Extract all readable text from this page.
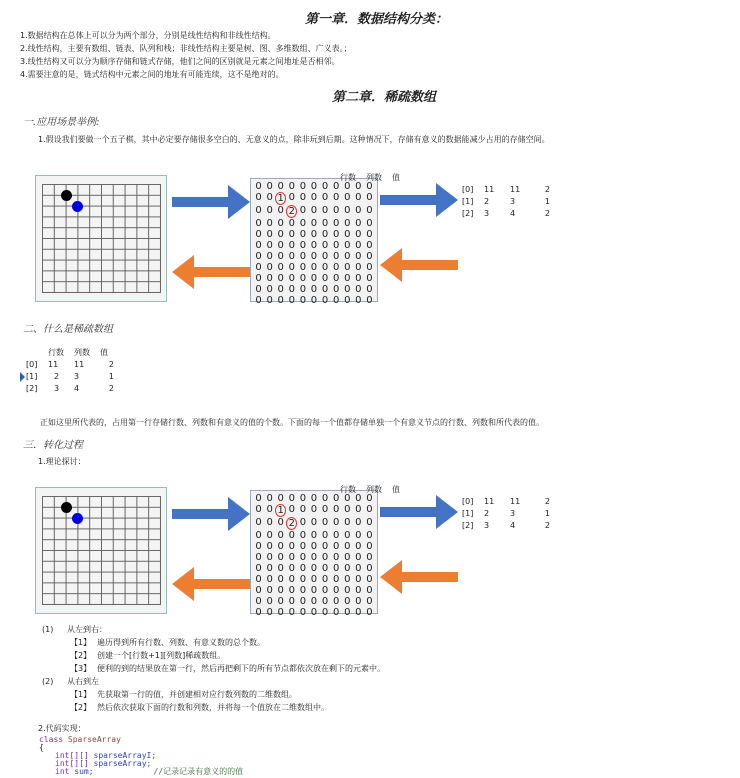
第一章．数据结构分类：
1.数据结构在总体上可以分为两个部分，分别是线性结构和非线性结构。
2.线性结构，主要有数组、链表、队列和栈；非线性结构主要是树、图、多维数组、广义表。；
3.线性结构又可以分为顺序存储和链式存储，他们之间的区别就是元素之间地址是否相邻。
4.需要注意的是，链式结构中元素之间的地址有可能连续，这不是绝对的。
第二章．稀疏数组
一.应用场景举例:
1.假设我们要做一个五子棋，其中必定要存储很多空白的、无意义的点，除非玩到后期。这种情况下，存储有意义的数据能减少占用的存储空间。
二、什么是稀疏数组
行数	列数	值
[0]	11	11	2
[1]	2	3	1
[2]	3	4	2
正如这里所代表的，占用第一行存储行数、列数和有意义的值的个数。下面的每一个值都存储单独一个有意义节点的行数、列数和所代表的值。
三．转化过程
1.理论探讨：
(1) 从左到右：
【1】 遍历得到所有行数、列数、有意义数的总个数。
【2】 创建一个[行数+1][列数]稀疏数组。
【3】 便利的到的结果放在第一行，然后再把剩下的所有节点都依次放在剩下的元素中。
(2) 从右到左
【1】 先获取第一行的值，并创建相对应行数列数的二维数组。
【2】 然后依次获取下面的行数和列数，并将每一个值放在二维数组中。
2.代码实现：
class SparseArray
{
int[][] sparseArrayI;
int[][] sparseArray;
int sum;	//记录记录有意义的的值
0 0 0 0 0 0 0 0 0 0 0
0 0 1 0 0 0 0 0 0 0 0
0 0 0 2 0 0 0 0 0 0 0
0 0 0 0 0 0 0 0 0 0 0
0 0 0 0 0 0 0 0 0 0 0
0 0 0 0 0 0 0 0 0 0 0
0 0 0 0 0 0 0 0 0 0 0
0 0 0 0 0 0 0 0 0 0 0
0 0 0 0 0 0 0 0 0 0 0
0 0 0 0 0 0 0 0 0 0 0
0 0 0 0 0 0 0 0 0 0 0
行数 列数 值
[0]	11	11	2
[1]	2	3	1
[2]	3	4	2
0 0 0 0 0 0 0 0 0 0 0
0 0 1 0 0 0 0 0 0 0 0
0 0 0 2 0 0 0 0 0 0 0
0 0 0 0 0 0 0 0 0 0 0
0 0 0 0 0 0 0 0 0 0 0
0 0 0 0 0 0 0 0 0 0 0
0 0 0 0 0 0 0 0 0 0 0
0 0 0 0 0 0 0 0 0 0 0
0 0 0 0 0 0 0 0 0 0 0
0 0 0 0 0 0 0 0 0 0 0
0 0 0 0 0 0 0 0 0 0 0
行数 列数 值
[0]	11	11	2
[1]	2	3	1
[2]	3	4	2
